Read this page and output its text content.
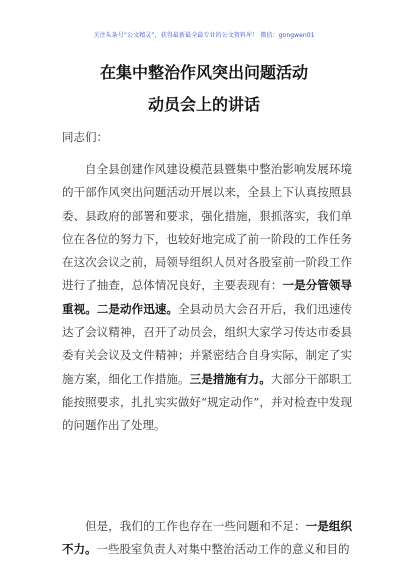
关注头条号“公文精灵”，获得最新最全最专业的公文资料库！ 微信：gongwen01
在集中整治作风突出问题活动
动员会上的讲话
同志们：
自全县创建作风建设模范县暨集中整治影响发展环境的干部作风突出问题活动开展以来，全县上下认真按照县委、县政府的部署和要求，强化措施，狠抓落实，我们单位在各位的努力下，也较好地完成了前一阶段的工作任务在这次会议之前，局领导组织人员对各股室前一阶段工作进行了抽查，总体情况良好，主要表现有：一是分管领导重视。二是动作迅速。全县动员大会召开后，我们迅速传达了会议精神，召开了动员会，组织大家学习传达市委县委有关会议及文件精神；并紧密结合自身实际，制定了实施方案，细化工作措施。三是措施有力。大部分干部职工能按照要求，扎扎实实做好“规定动作”，并对检查中发现的问题作出了处理。
但是，我们的工作也存在一些问题和不足：一是组织不力。一些股室负责人对集中整治活动工作的意义和目的
